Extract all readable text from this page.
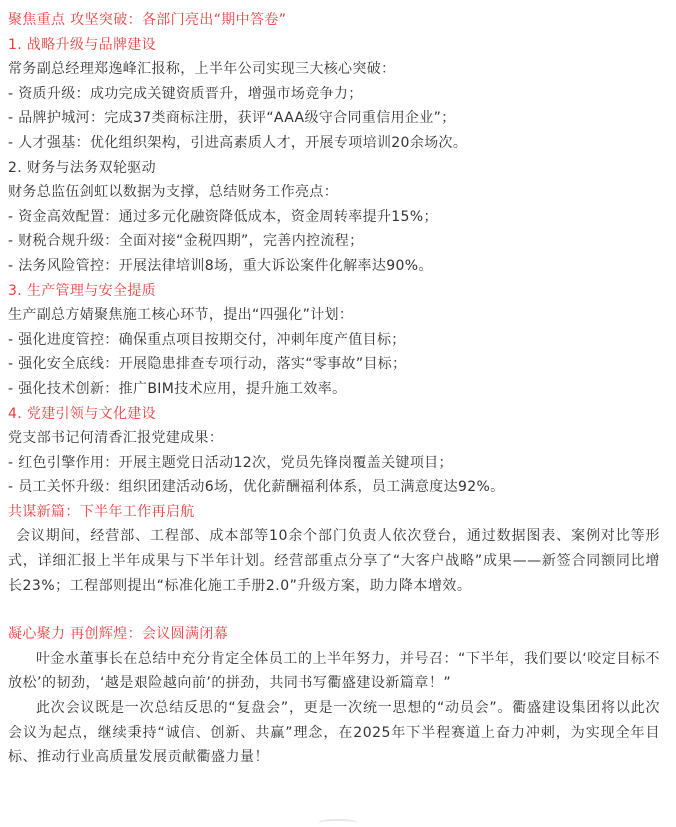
聚焦重点 攻坚突破：各部门亮出“期中答卷”
1. 战略升级与品牌建设
常务副总经理郑逸峰汇报称，上半年公司实现三大核心突破：
- 资质升级：成功完成关键资质晋升，增强市场竞争力；
- 品牌护城河：完成37类商标注册，获评“AAA级守合同重信用企业”；
- 人才强基：优化组织架构，引进高素质人才，开展专项培训20余场次。
2. 财务与法务双轮驱动
财务总监伍剑虹以数据为支撑，总结财务工作亮点：
- 资金高效配置：通过多元化融资降低成本，资金周转率提升15%；
- 财税合规升级：全面对接“金税四期”，完善内控流程；
- 法务风险管控：开展法律培训8场，重大诉讼案件化解率达90%。
3. 生产管理与安全提质
生产副总方婧聚焦施工核心环节，提出“四强化”计划：
- 强化进度管控：确保重点项目按期交付，冲刺年度产值目标；
- 强化安全底线：开展隐患排查专项行动，落实“零事故”目标；
- 强化技术创新：推广BIM技术应用，提升施工效率。
4. 党建引领与文化建设
党支部书记何清香汇报党建成果：
- 红色引擎作用：开展主题党日活动12次，党员先锋岗覆盖关键项目；
- 员工关怀升级：组织团建活动6场，优化薪酬福利体系，员工满意度达92%。
共谋新篇：下半年工作再启航
会议期间，经营部、工程部、成本部等10余个部门负责人依次登台，通过数据图表、案例对比等形式，详细汇报上半年成果与下半年计划。经营部重点分享了“大客户战略”成果——新签合同额同比增长23%；工程部则提出“标准化施工手册2.0”升级方案，助力降本增效。
凝心聚力 再创辉煌：会议圆满闭幕
叶金水董事长在总结中充分肯定全体员工的上半年努力，并号召：“下半年，我们要以‘咬定目标不放松’的韧劲，‘越是艰险越向前’的拼劲，共同书写衢盛建设新篇章！”
此次会议既是一次总结反思的“复盘会”，更是一次统一思想的“动员会”。衢盛建设集团将以此次会议为起点，继续秉持“诚信、创新、共赢”理念，在2025年下半程赛道上奋力冲刺，为实现全年目标、推动行业高质量发展贡献衢盛力量！
